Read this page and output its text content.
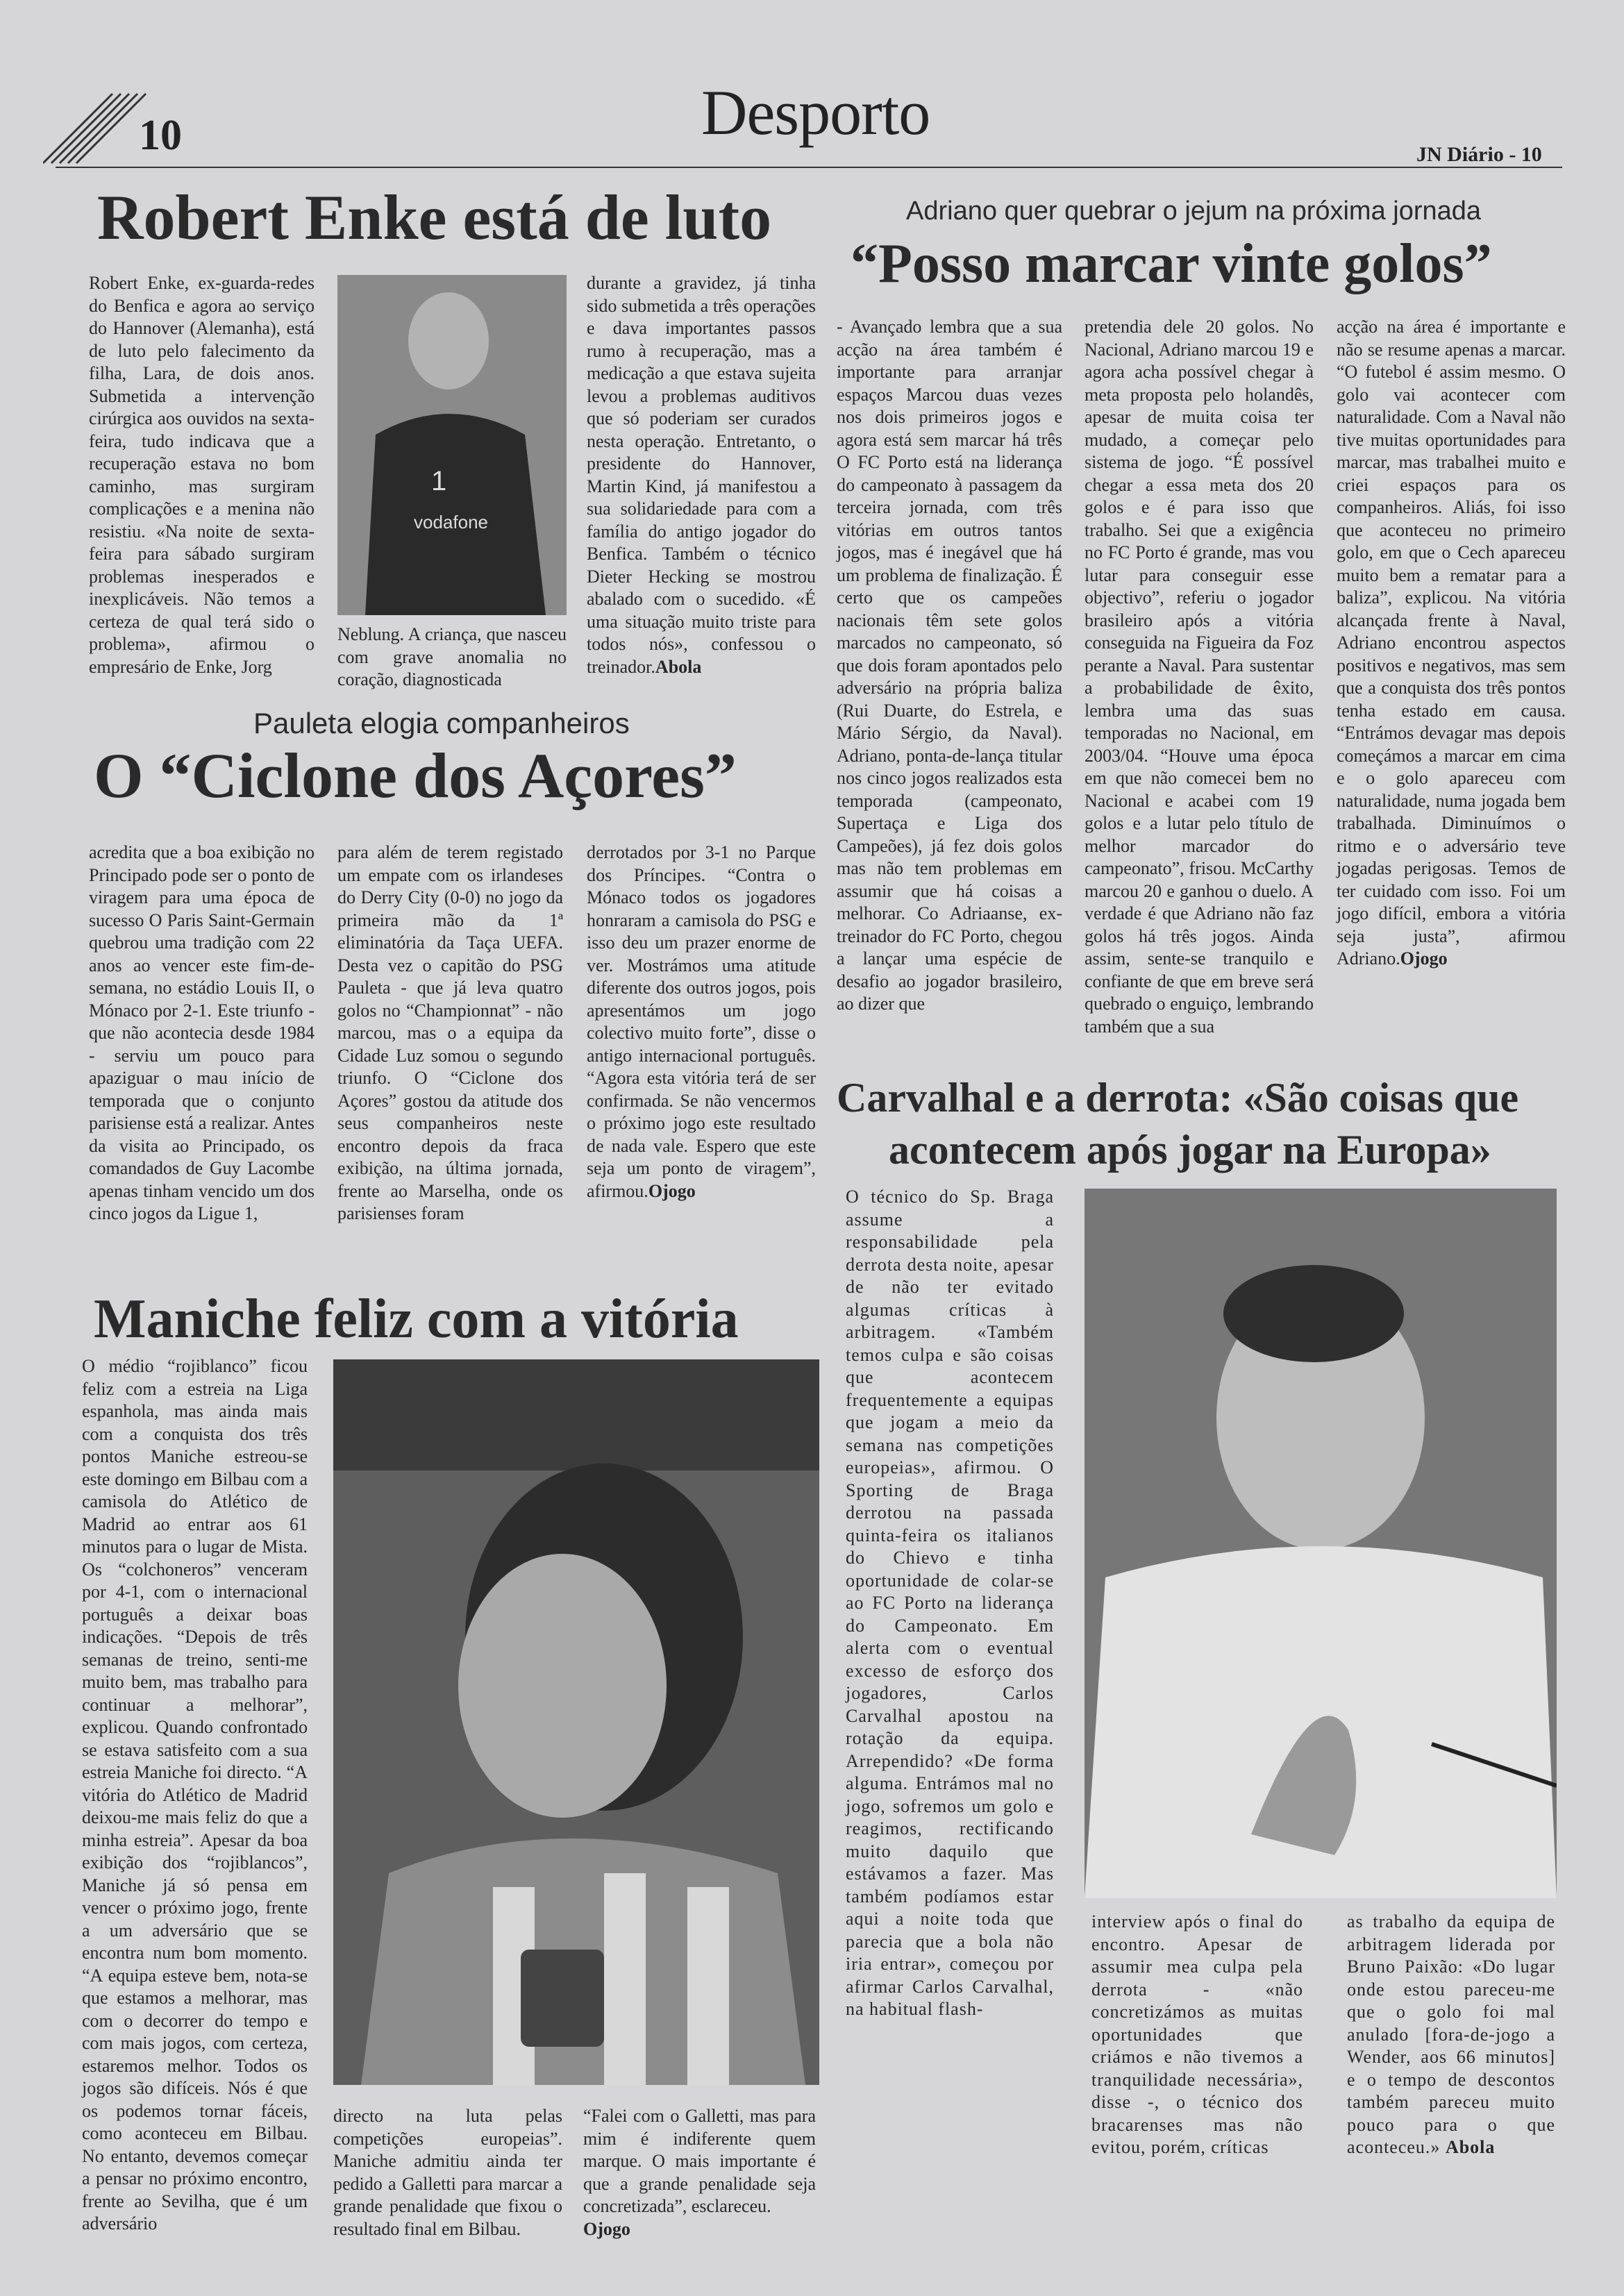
10	Desporto
JN Diário - 10
Robert Enke está de luto

Robert Enke, ex-guarda-redes do Benfica e agora ao serviço do Hannover (Alemanha), está de luto pelo falecimento da filha, Lara, de dois anos. Submetida a intervenção cirúrgica aos ouvidos na sexta-feira, tudo indicava que a recuperação estava no bom caminho, mas surgiram complicações e a menina não resistiu. «Na noite de sexta-feira para sábado surgiram problemas inesperados e inexplicáveis. Não temos a certeza de qual terá sido o problema», afirmou o empresário de Enke, Jorg

1
vodafone

Neblung. A criança, que nasceu com grave anomalia no coração, diagnosticada

durante a gravidez, já tinha sido submetida a três operações e dava importantes passos rumo à recuperação, mas a medicação a que estava sujeita levou a problemas auditivos que só poderiam ser curados nesta operação. Entretanto, o presidente do Hannover, Martin Kind, já manifestou a sua solidariedade para com a família do antigo jogador do Benfica. Também o técnico Dieter Hecking se mostrou abalado com o sucedido. «É uma situação muito triste para todos nós», confessou o treinador.Abola

Adriano quer quebrar o jejum na próxima jornada
“Posso marcar vinte golos”

- Avançado lembra que a sua acção na área também é importante para arranjar espaços Marcou duas vezes nos dois primeiros jogos e agora está sem marcar há três O FC Porto está na liderança do campeonato à passagem da terceira jornada, com três vitórias em outros tantos jogos, mas é inegável que há um problema de finalização. É certo que os campeões nacionais têm sete golos marcados no campeonato, só que dois foram apontados pelo adversário na própria baliza (Rui Duarte, do Estrela, e Mário Sérgio, da Naval). Adriano, ponta-de-lança titular nos cinco jogos realizados esta temporada (campeonato, Supertaça e Liga dos Campeões), já fez dois golos mas não tem problemas em assumir que há coisas a melhorar. Co Adriaanse, ex-treinador do FC Porto, chegou a lançar uma espécie de desafio ao jogador brasileiro, ao dizer que

pretendia dele 20 golos. No Nacional, Adriano marcou 19 e agora acha possível chegar à meta proposta pelo holandês, apesar de muita coisa ter mudado, a começar pelo sistema de jogo. “É possível chegar a essa meta dos 20 golos e é para isso que trabalho. Sei que a exigência no FC Porto é grande, mas vou lutar para conseguir esse objectivo”, referiu o jogador brasileiro após a vitória conseguida na Figueira da Foz perante a Naval. Para sustentar a probabilidade de êxito, lembra uma das suas temporadas no Nacional, em 2003/04. “Houve uma época em que não comecei bem no Nacional e acabei com 19 golos e a lutar pelo título de melhor marcador do campeonato”, frisou. McCarthy marcou 20 e ganhou o duelo. A verdade é que Adriano não faz golos há três jogos. Ainda assim, sente-se tranquilo e confiante de que em breve será quebrado o enguiço, lembrando também que a sua

acção na área é importante e não se resume apenas a marcar. “O futebol é assim mesmo. O golo vai acontecer com naturalidade. Com a Naval não tive muitas oportunidades para marcar, mas trabalhei muito e criei espaços para os companheiros. Aliás, foi isso que aconteceu no primeiro golo, em que o Cech apareceu muito bem a rematar para a baliza”, explicou. Na vitória alcançada frente à Naval, Adriano encontrou aspectos positivos e negativos, mas sem que a conquista dos três pontos tenha estado em causa. “Entrámos devagar mas depois começámos a marcar em cima e o golo apareceu com naturalidade, numa jogada bem trabalhada. Diminuímos o ritmo e o adversário teve jogadas perigosas. Temos de ter cuidado com isso. Foi um jogo difícil, embora a vitória seja justa”, afirmou Adriano.Ojogo

Pauleta elogia companheiros
O “Ciclone dos Açores”

acredita que a boa exibição no Principado pode ser o ponto de viragem para uma época de sucesso O Paris Saint-Germain quebrou uma tradição com 22 anos ao vencer este fim-de-semana, no estádio Louis II, o Mónaco por 2-1. Este triunfo - que não acontecia desde 1984 - serviu um pouco para apaziguar o mau início de temporada que o conjunto parisiense está a realizar. Antes da visita ao Principado, os comandados de Guy Lacombe apenas tinham vencido um dos cinco jogos da Ligue 1,

para além de terem registado um empate com os irlandeses do Derry City (0-0) no jogo da primeira mão da 1ª eliminatória da Taça UEFA. Desta vez o capitão do PSG Pauleta - que já leva quatro golos no “Championnat” - não marcou, mas o a equipa da Cidade Luz somou o segundo triunfo. O “Ciclone dos Açores” gostou da atitude dos seus companheiros neste encontro depois da fraca exibição, na última jornada, frente ao Marselha, onde os parisienses foram

derrotados por 3-1 no Parque dos Príncipes. “Contra o Mónaco todos os jogadores honraram a camisola do PSG e isso deu um prazer enorme de ver. Mostrámos uma atitude diferente dos outros jogos, pois apresentámos um jogo colectivo muito forte”, disse o antigo internacional português. “Agora esta vitória terá de ser confirmada. Se não vencermos o próximo jogo este resultado de nada vale. Espero que este seja um ponto de viragem”, afirmou.Ojogo

Maniche feliz com a vitória

O médio “rojiblanco” ficou feliz com a estreia na Liga espanhola, mas ainda mais com a conquista dos três pontos Maniche estreou-se este domingo em Bilbau com a camisola do Atlético de Madrid ao entrar aos 61 minutos para o lugar de Mista. Os “colchoneros” venceram por 4-1, com o internacional português a deixar boas indicações. “Depois de três semanas de treino, senti-me muito bem, mas trabalho para continuar a melhorar”, explicou. Quando confrontado se estava satisfeito com a sua estreia Maniche foi directo. “A vitória do Atlético de Madrid deixou-me mais feliz do que a minha estreia”. Apesar da boa exibição dos “rojiblancos”, Maniche já só pensa em vencer o próximo jogo, frente a um adversário que se encontra num bom momento. “A equipa esteve bem, nota-se que estamos a melhorar, mas com o decorrer do tempo e com mais jogos, com certeza, estaremos melhor. Todos os jogos são difíceis. Nós é que os podemos tornar fáceis, como aconteceu em Bilbau. No entanto, devemos começar a pensar no próximo encontro, frente ao Sevilha, que é um adversário

directo na luta pelas competições europeias”. Maniche admitiu ainda ter pedido a Galletti para marcar a grande penalidade que fixou o resultado final em Bilbau.

“Falei com o Galletti, mas para mim é indiferente quem marque. O mais importante é que a grande penalidade seja concretizada”, esclareceu.

Ojogo
Carvalhal e a derrota: «São coisas que
acontecem após jogar na Europa»

O técnico do Sp. Braga assume a responsabilidade pela derrota desta noite, apesar de não ter evitado algumas críticas à arbitragem. «Também temos culpa e são coisas que acontecem frequentemente a equipas que jogam a meio da semana nas competições europeias», afirmou. O Sporting de Braga derrotou na passada quinta-feira os italianos do Chievo e tinha oportunidade de colar-se ao FC Porto na liderança do Campeonato. Em alerta com o eventual excesso de esforço dos jogadores, Carlos Carvalhal apostou na rotação da equipa. Arrependido? «De forma alguma. Entrámos mal no jogo, sofremos um golo e reagimos, rectificando muito daquilo que estávamos a fazer. Mas também podíamos estar aqui a noite toda que parecia que a bola não iria entrar», começou por afirmar Carlos Carvalhal, na habitual flash-

interview após o final do encontro. Apesar de assumir mea culpa pela derrota - «não concretizámos as muitas oportunidades que criámos e não tivemos a tranquilidade necessária», disse -, o técnico dos bracarenses mas não evitou, porém, críticas

as trabalho da equipa de arbitragem liderada por Bruno Paixão: «Do lugar onde estou pareceu-me que o golo foi mal anulado [fora-de-jogo a Wender, aos 66 minutos] e o tempo de descontos também pareceu muito pouco para o que aconteceu.» Abola
